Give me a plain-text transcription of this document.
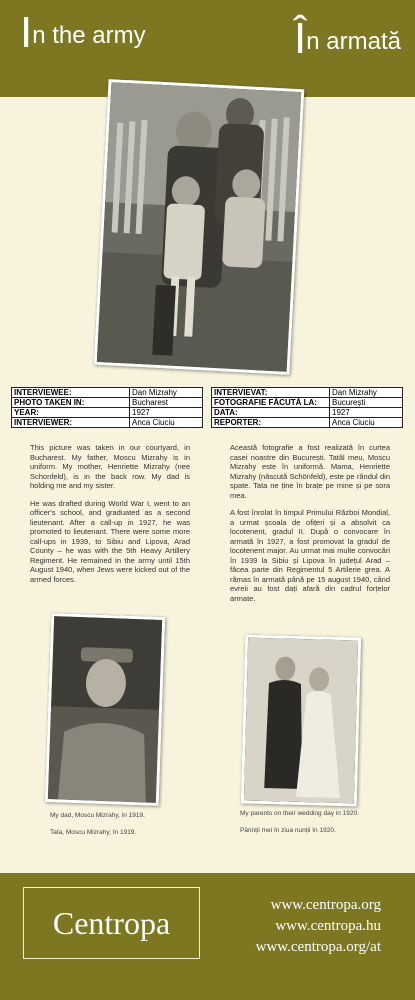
In the army	În armată
INTERVIEWEE:	Dan Mizrahy
PHOTO TAKEN IN:	Bucharest
YEAR:	1927
INTERVIEWER:	Anca Ciuciu
INTERVIEVAT:	Dan Mizrahy
FOTOGRAFIE FĂCUTĂ LA:	București
DATA:	1927
REPORTER:	Anca Ciuciu

This picture was taken in our courtyard, in Bucharest. My father, Moscu Mizrahy is in uniform. My mother, Henriette Mizrahy (nee Schonfeld), is in the back row. My dad is holding me and my sister.

He was drafted during World War I, went to an officer's school, and graduated as a second lieutenant. After a call-up in 1927, he was promoted to lieutenant. There were some more call-ups in 1939, to Sibiu and Lipova, Arad County – he was with the 5th Heavy Artillery Regiment. He remained in the army until 15th August 1940, when Jews were kicked out of the armed forces.

Această fotografie a fost realizată în curtea casei noastre din București. Tatăl meu, Moscu Mizrahy este în uniformă. Mama, Henriette Mizrahy (născută Schönfeld), este pe rândul din spate. Tata ne ține în brațe pe mine și pe sora mea.

A fost înrolat în timpul Primului Război Mondial, a urmat școala de ofițeri și a absolvit ca locotenent, gradul II. După o convocare în armată în 1927, a fost promovat la gradul de locotenent major. Au urmat mai multe convocări în 1939 la Sibiu și Lipova în județul Arad – făcea parte din Regimentul 5 Artilerie grea. A rămas în armată până pe 15 august 1940, când evreii au fost dați afară din cadrul forțelor armate.

My dad, Moscu Mizrahy, in 1919.
Tata, Moscu Mizrahy, în 1919.
My parents on their wedding day in 1920.
Părinții mei în ziua nunții în 1920.
Centropa	www.centropa.org
www.centropa.hu
www.centropa.org/at
